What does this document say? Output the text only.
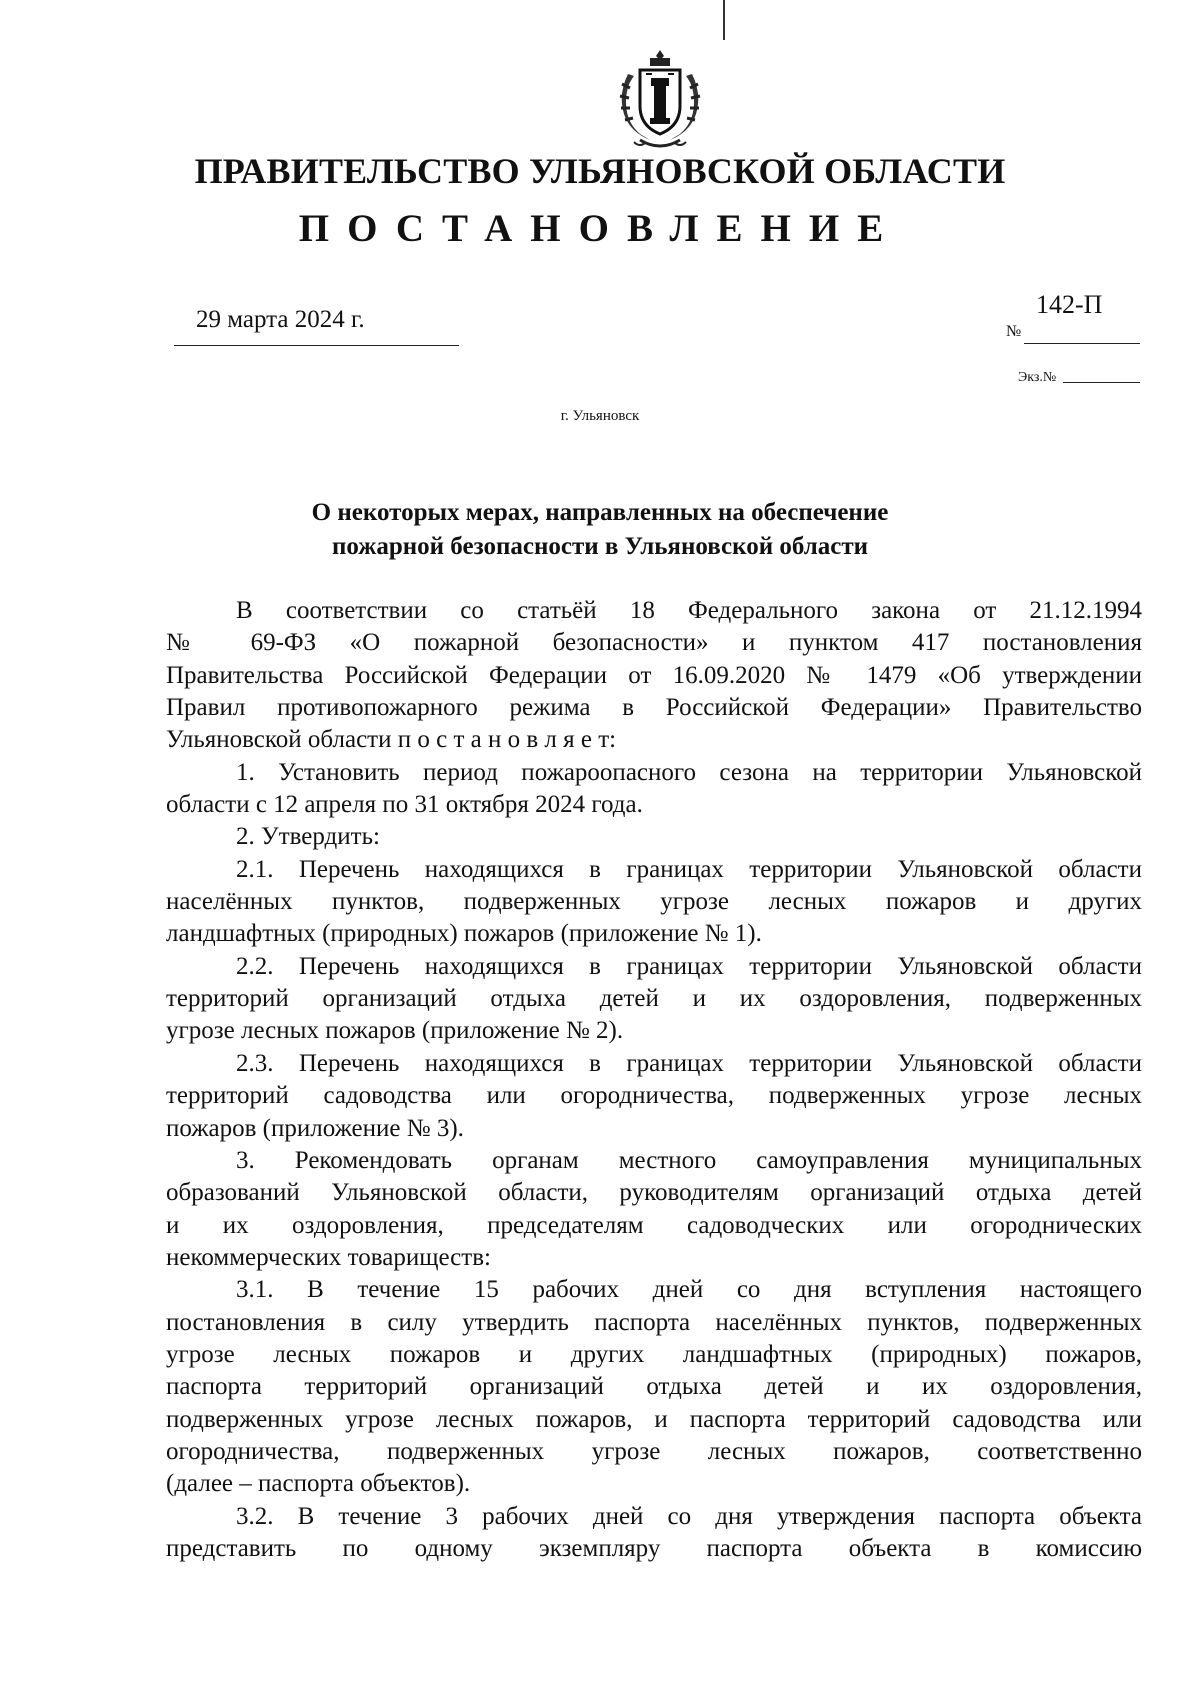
ПРАВИТЕЛЬСТВО УЛЬЯНОВСКОЙ ОБЛАСТИ
ПОСТАНОВЛЕНИЕ
29 марта 2024 г.
142-П
№
Экз.№
г. Ульяновск
О некоторых мерах, направленных на обеспечение
пожарной безопасности в Ульяновской области
В соответствии со статьёй 18 Федерального закона от 21.12.1994
№ 69-ФЗ «О пожарной безопасности» и пунктом 417 постановления
Правительства Российской Федерации от 16.09.2020 № 1479 «Об утверждении
Правил противопожарного режима в Российской Федерации» Правительство
Ульяновской области п о с т а н о в л я е т:
1. Установить период пожароопасного сезона на территории Ульяновской
области с 12 апреля по 31 октября 2024 года.
2. Утвердить:
2.1. Перечень находящихся в границах территории Ульяновской области
населённых пунктов, подверженных угрозе лесных пожаров и других
ландшафтных (природных) пожаров (приложение № 1).
2.2. Перечень находящихся в границах территории Ульяновской области
территорий организаций отдыха детей и их оздоровления, подверженных
угрозе лесных пожаров (приложение № 2).
2.3. Перечень находящихся в границах территории Ульяновской области
территорий садоводства или огородничества, подверженных угрозе лесных
пожаров (приложение № 3).
3. Рекомендовать органам местного самоуправления муниципальных
образований Ульяновской области, руководителям организаций отдыха детей
и их оздоровления, председателям садоводческих или огороднических
некоммерческих товариществ:
3.1. В течение 15 рабочих дней со дня вступления настоящего
постановления в силу утвердить паспорта населённых пунктов, подверженных
угрозе лесных пожаров и других ландшафтных (природных) пожаров,
паспорта территорий организаций отдыха детей и их оздоровления,
подверженных угрозе лесных пожаров, и паспорта территорий садоводства или
огородничества, подверженных угрозе лесных пожаров, соответственно
(далее – паспорта объектов).
3.2. В течение 3 рабочих дней со дня утверждения паспорта объекта
представить по одному экземпляру паспорта объекта в комиссию
